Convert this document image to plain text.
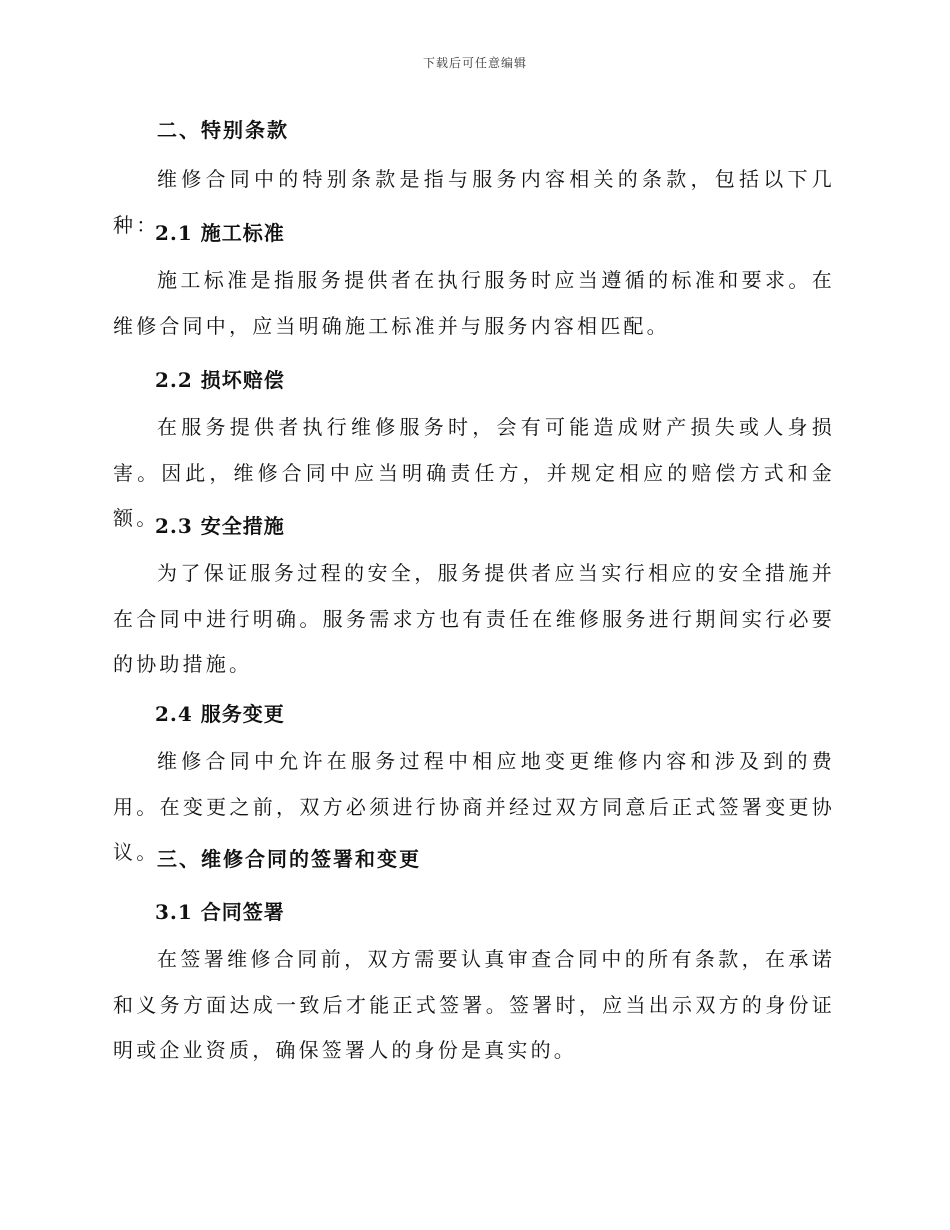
下载后可任意编辑
二、特别条款
维修合同中的特别条款是指与服务内容相关的条款，包括以下几种：
2.1 施工标准
施工标准是指服务提供者在执行服务时应当遵循的标准和要求。在维修合同中，应当明确施工标准并与服务内容相匹配。
2.2 损坏赔偿
在服务提供者执行维修服务时，会有可能造成财产损失或人身损害。因此，维修合同中应当明确责任方，并规定相应的赔偿方式和金额。
2.3 安全措施
为了保证服务过程的安全，服务提供者应当实行相应的安全措施并在合同中进行明确。服务需求方也有责任在维修服务进行期间实行必要的协助措施。
2.4 服务变更
维修合同中允许在服务过程中相应地变更维修内容和涉及到的费用。在变更之前，双方必须进行协商并经过双方同意后正式签署变更协议。
三、维修合同的签署和变更
3.1 合同签署
在签署维修合同前，双方需要认真审查合同中的所有条款，在承诺和义务方面达成一致后才能正式签署。签署时，应当出示双方的身份证明或企业资质，确保签署人的身份是真实的。
